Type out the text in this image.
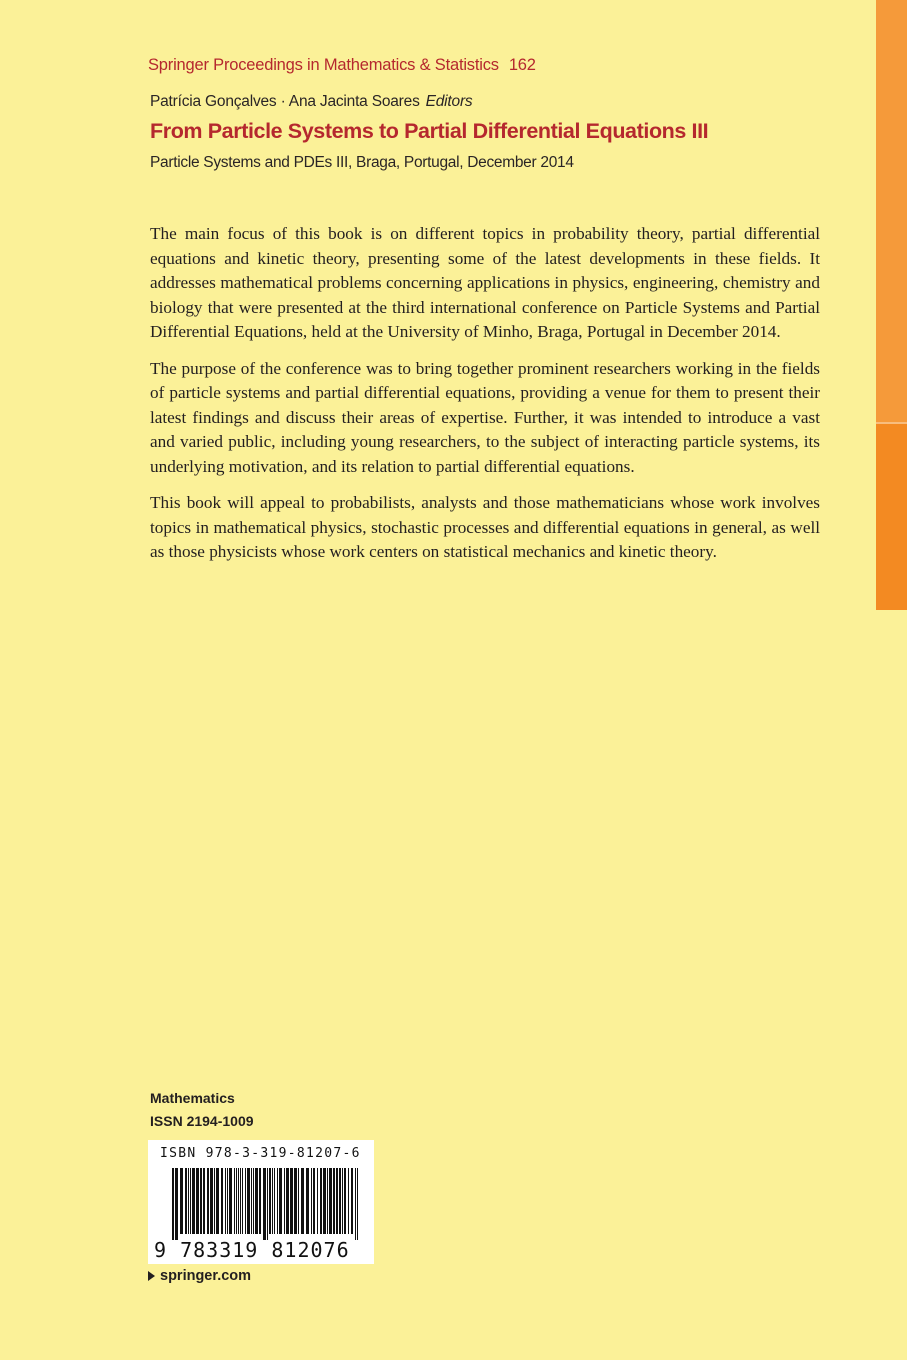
Springer Proceedings in Mathematics & Statistics 162
Patrícia Gonçalves · Ana Jacinta Soares Editors
From Particle Systems to Partial Differential Equations III
Particle Systems and PDEs III, Braga, Portugal, December 2014

The main focus of this book is on different topics in probability theory, partial differential equations and kinetic theory, presenting some of the latest developments in these fields. It addresses mathematical problems concerning applications in physics, engineering, chemistry and biology that were presented at the third international conference on Particle Systems and Partial Differential Equations, held at the University of Minho, Braga, Portugal in December 2014.

The purpose of the conference was to bring together prominent researchers working in the fields of particle systems and partial differential equations, providing a venue for them to present their latest findings and discuss their areas of expertise. Further, it was intended to introduce a vast and varied public, including young researchers, to the subject of interacting particle systems, its underlying motivation, and its relation to partial differential equations.

This book will appeal to probabilists, analysts and those mathematicians whose work involves topics in mathematical physics, stochastic processes and differential equations in general, as well as those physicists whose work centers on statistical mechanics and kinetic theory.

Mathematics
ISSN 2194-1009
ISBN 978-3-319-81207-6
9 783319 812076
springer.com
